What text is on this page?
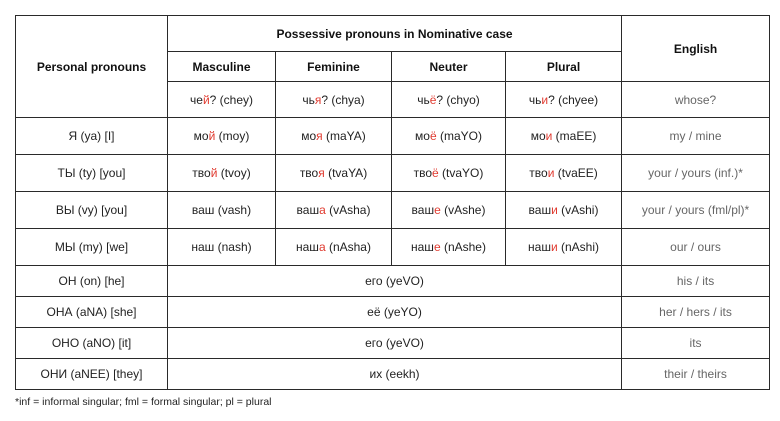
Personal pronouns	Possessive pronouns in Nominative case				English
	Masculine	Feminine	Neuter	Plural	
	чей? (chey)	чья? (chya)	чьё? (chyo)	чьи? (chyee)	whose?
Я (ya) [I]	мой (moy)	моя (maYA)	моё (maYO)	мои (maEE)	my / mine
ТЫ (ty) [you]	твой (tvoy)	твоя (tvaYA)	твоё (tvaYO)	твои (tvaEE)	your / yours (inf.)*
ВЫ (vy) [you]	ваш (vash)	ваша (vAsha)	ваше (vAshe)	ваши (vAshi)	your / yours (fml/pl)*
МЫ (my) [we]	наш (nash)	наша (nAsha)	наше (nAshe)	наши (nAshi)	our / ours
ОН (on) [he]	его (yeVO)				his / its
ОНА (aNA) [she]	её (yeYO)				her / hers / its
ОНО (aNO) [it]	его (yeVO)				its
ОНИ (aNEE) [they]	их (eekh)				their / theirs
*inf = informal singular; fml = formal singular; pl = plural
